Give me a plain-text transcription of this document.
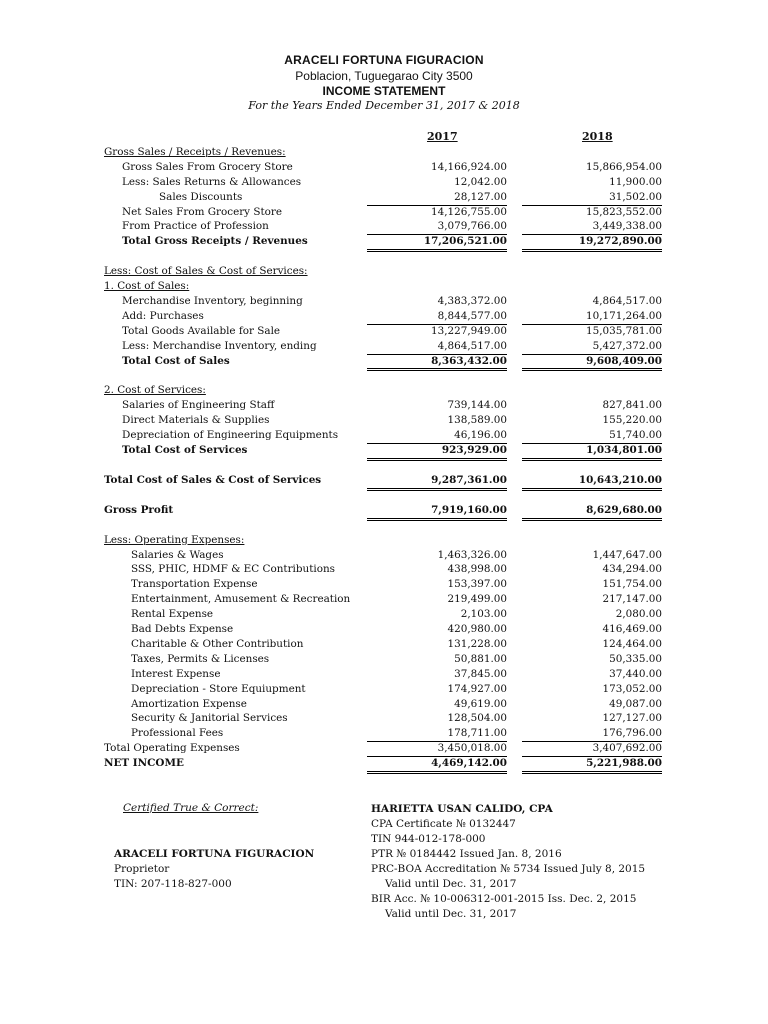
ARACELI FORTUNA FIGURACION
Poblacion, Tuguegarao City 3500
INCOME STATEMENT
For the Years Ended December 31, 2017 & 2018
2017	2018
Gross Sales / Receipts / Revenues:
Gross Sales From Grocery Store	14,166,924.00	15,866,954.00
Less: Sales Returns & Allowances	12,042.00	11,900.00
Sales Discounts	28,127.00	31,502.00
Net Sales From Grocery Store	14,126,755.00	15,823,552.00
From Practice of Profession	3,079,766.00	3,449,338.00
Total Gross Receipts / Revenues	17,206,521.00	19,272,890.00
Less: Cost of Sales & Cost of Services:
1. Cost of Sales:
Merchandise Inventory, beginning	4,383,372.00	4,864,517.00
Add: Purchases	8,844,577.00	10,171,264.00
Total Goods Available for Sale	13,227,949.00	15,035,781.00
Less: Merchandise Inventory, ending	4,864,517.00	5,427,372.00
Total Cost of Sales	8,363,432.00	9,608,409.00
2. Cost of Services:
Salaries of Engineering Staff	739,144.00	827,841.00
Direct Materials & Supplies	138,589.00	155,220.00
Depreciation of Engineering Equipments	46,196.00	51,740.00
Total Cost of Services	923,929.00	1,034,801.00
Total Cost of Sales & Cost of Services	9,287,361.00	10,643,210.00
Gross Profit	7,919,160.00	8,629,680.00
Less: Operating Expenses:
Salaries & Wages	1,463,326.00	1,447,647.00
SSS, PHIC, HDMF & EC Contributions	438,998.00	434,294.00
Transportation Expense	153,397.00	151,754.00
Entertainment, Amusement & Recreation	219,499.00	217,147.00
Rental Expense	2,103.00	2,080.00
Bad Debts Expense	420,980.00	416,469.00
Charitable & Other Contribution	131,228.00	124,464.00
Taxes, Permits & Licenses	50,881.00	50,335.00
Interest Expense	37,845.00	37,440.00
Depreciation - Store Equiupment	174,927.00	173,052.00
Amortization Expense	49,619.00	49,087.00
Security & Janitorial Services	128,504.00	127,127.00
Professional Fees	178,711.00	176,796.00
Total Operating Expenses	3,450,018.00	3,407,692.00
NET INCOME	4,469,142.00	5,221,988.00
Certified True & Correct:
ARACELI FORTUNA FIGURACION
Proprietor
TIN: 207-118-827-000
HARIETTA USAN CALIDO, CPA
CPA Certificate № 0132447
TIN 944-012-178-000
PTR № 0184442 Issued Jan. 8, 2016
PRC-BOA Accreditation № 5734 Issued July 8, 2015
Valid until Dec. 31, 2017
BIR Acc. № 10-006312-001-2015 Iss. Dec. 2, 2015
Valid until Dec. 31, 2017
